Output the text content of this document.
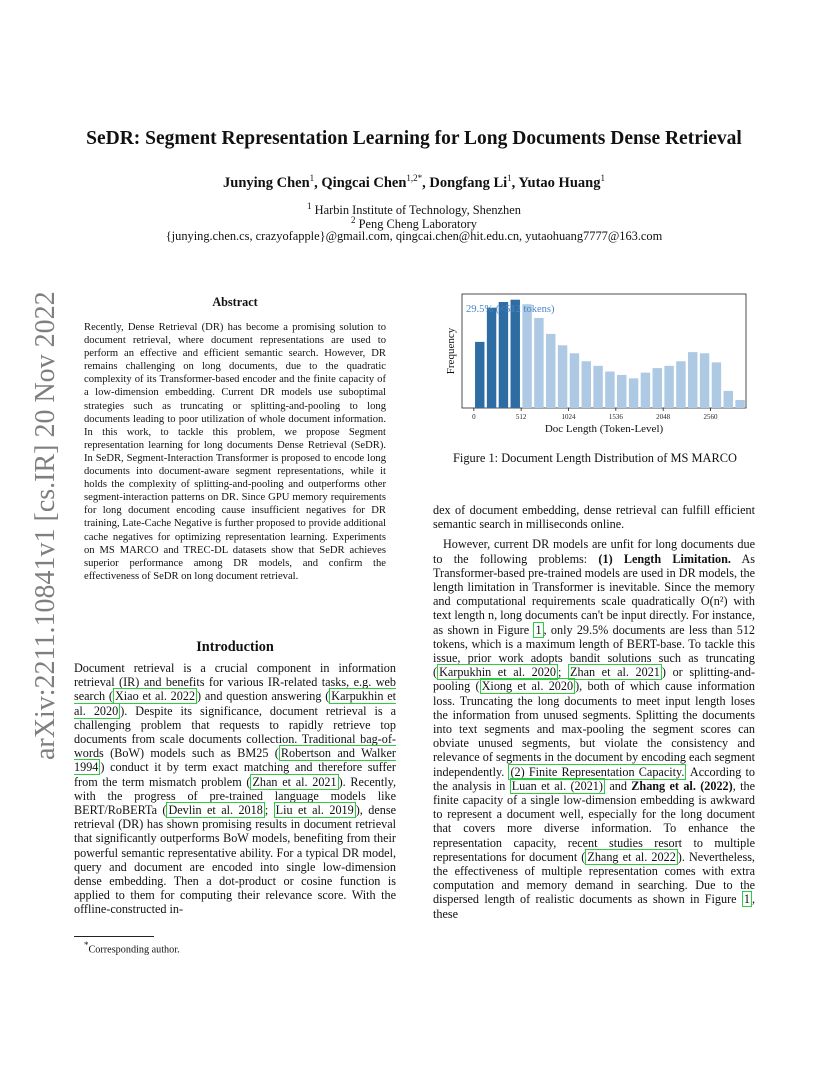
arXiv:2211.10841v1 [cs.IR] 20 Nov 2022
SeDR: Segment Representation Learning for Long Documents Dense Retrieval
Junying Chen$^1$, Qingcai Chen$^{1,2*}$, Dongfang Li$^1$, Yutao Huang$^1$
$^1$ Harbin Institute of Technology, Shenzhen
$^2$ Peng Cheng Laboratory
{junying.chen.cs, crazyofapple}@gmail.com, qingcai.chen@hit.edu.cn, yutaohuang7777@163.com
Abstract
Recently, Dense Retrieval (DR) has become a promising solution to document retrieval, where document representations are used to perform an effective and efficient semantic search. However, DR remains challenging on long documents, due to the quadratic complexity of its Transformer-based encoder and the finite capacity of a low-dimension embedding. Current DR models use suboptimal strategies such as truncating or splitting-and-pooling to long documents leading to poor utilization of whole document information. In this work, to tackle this problem, we propose Segment representation learning for long documents Dense Retrieval (SeDR). In SeDR, Segment-Interaction Transformer is proposed to encode long documents into document-aware segment representations, while it holds the complexity of splitting-and-pooling and outperforms other segment-interaction patterns on DR. Since GPU memory requirements for long document encoding cause insufficient negatives for DR training, Late-Cache Negative is further proposed to provide additional cache negatives for optimizing representation learning. Experiments on MS MARCO and TREC-DL datasets show that SeDR achieves superior performance among DR models, and confirm the effectiveness of SeDR on long document retrieval.
Introduction

Document retrieval is a crucial component in information retrieval (IR) and benefits for various IR-related tasks, e.g. web search ( Xiao et al. 2022 ) and question answering ( Karpukhin et al. 2020 ). Despite its significance, document retrieval is a challenging problem that requests to rapidly retrieve top documents from scale documents collection. Traditional bag-of-words (BoW) models such as BM25 ( Robertson and Walker 1994 ) conduct it by term exact matching and therefore suffer from the term mismatch problem ( Zhan et al. 2021 ). Recently, with the progress of pre-trained language models like BERT/RoBERTa ( Devlin et al. 2018 ; Liu et al. 2019 ), dense retrieval (DR) has shown promising results in document retrieval that significantly outperforms BoW models, benefiting from their powerful semantic representative ability. For a typical DR model, query and document are encoded into single low-dimension dense embedding. Then a dot-product or cosine function is applied to them for computing their relevance score. With the offline-constructed in-

*Corresponding author.
0	512	1024	1536	2048	2560
Doc Length (Token-Level)
Frequency
29.5% (<512 tokens)
Figure 1: Document Length Distribution of MS MARCO

dex of document embedding, dense retrieval can fulfill efficient semantic search in milliseconds online.

However, current DR models are unfit for long documents due to the following problems: (1) Length Limitation. As Transformer-based pre-trained models are used in DR models, the length limitation in Transformer is inevitable. Since the memory and computational requirements scale quadratically O(n²) with text length n, long documents can't be input directly. For instance, as shown in Figure 1 , only 29.5% documents are less than 512 tokens, which is a maximum length of BERT-base. To tackle this issue, prior work adopts bandit solutions such as truncating ( Karpukhin et al. 2020 ; Zhan et al. 2021 ) or splitting-and-pooling ( Xiong et al. 2020 ), both of which cause information loss. Truncating the long documents to meet input length loses the information from unused segments. Splitting the documents into text segments and max-pooling the segment scores can obviate unused segments, but violate the consistency and relevance of segments in the document by encoding each segment independently. (2) Finite Representation Capacity. According to the analysis in Luan et al. (2021) and Zhang et al. (2022), the finite capacity of a single low-dimension embedding is awkward to represent a document well, especially for the long document that covers more diverse information. To enhance the representation capacity, recent studies resort to multiple representations for document ( Zhang et al. 2022 ). Nevertheless, the effectiveness of multiple representation comes with extra computation and memory demand in searching. Due to the dispersed length of realistic documents as shown in Figure 1 , these
